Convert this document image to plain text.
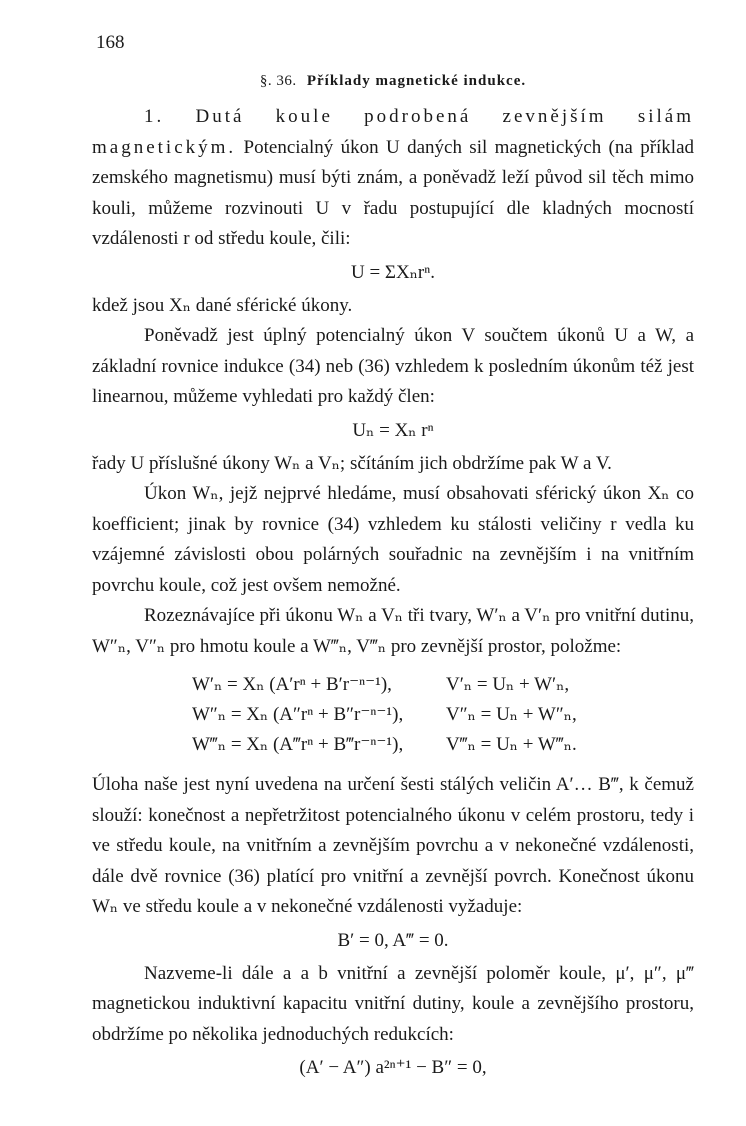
168
§. 36. Příklady magnetické indukce.

1. Dutá koule podrobená zevnějším silám magnetickým. Potencialný úkon U daných sil magnetických (na příklad zemského magnetismu) musí býti znám, a poněvadž leží původ sil těch mimo kouli, můžeme rozvinouti U v řadu postupující dle kladných mocností vzdálenosti r od středu koule, čili:

U = ΣXₙrⁿ.

kdež jsou Xₙ dané sférické úkony.

Poněvadž jest úplný potencialný úkon V součtem úkonů U a W, a základní rovnice indukce (34) neb (36) vzhledem k posledním úkonům též jest linearnou, můžeme vyhledati pro každý člen:

Uₙ = Xₙ rⁿ

řady U příslušné úkony Wₙ a Vₙ; sčítáním jich obdržíme pak W a V.

Úkon Wₙ, jejž nejprvé hledáme, musí obsahovati sférický úkon Xₙ co koefficient; jinak by rovnice (34) vzhledem ku stálosti veličiny r vedla ku vzájemné závislosti obou polárných souřadnic na zevnějším i na vnitřním povrchu koule, což jest ovšem nemožné.

Rozeznávajíce při úkonu Wₙ a Vₙ tři tvary, W′ₙ a V′ₙ pro vnitřní dutinu, W″ₙ, V″ₙ pro hmotu koule a W‴ₙ, V‴ₙ pro zevnější prostor, položme:

W′ₙ = Xₙ (A′rⁿ + B′r⁻ⁿ⁻¹),	V′ₙ = Uₙ + W′ₙ,
W″ₙ = Xₙ (A″rⁿ + B″r⁻ⁿ⁻¹),	V″ₙ = Uₙ + W″ₙ,
W‴ₙ = Xₙ (A‴rⁿ + B‴r⁻ⁿ⁻¹),	V‴ₙ = Uₙ + W‴ₙ.

Úloha naše jest nyní uvedena na určení šesti stálých veličin A′… B‴, k čemuž slouží: konečnost a nepřetržitost potencialného úkonu v celém prostoru, tedy i ve středu koule, na vnitřním a zevnějším povrchu a v nekonečné vzdálenosti, dále dvě rovnice (36) platící pro vnitřní a zevnější povrch. Konečnost úkonu Wₙ ve středu koule a v nekonečné vzdálenosti vyžaduje:

B′ = 0, A‴ = 0.

Nazveme-li dále a a b vnitřní a zevnější poloměr koule, μ′, μ″, μ‴ magnetickou induktivní kapacitu vnitřní dutiny, koule a zevnějšího prostoru, obdržíme po několika jednoduchých redukcích:

(A′ − A″) a²ⁿ⁺¹ − B″ = 0,
